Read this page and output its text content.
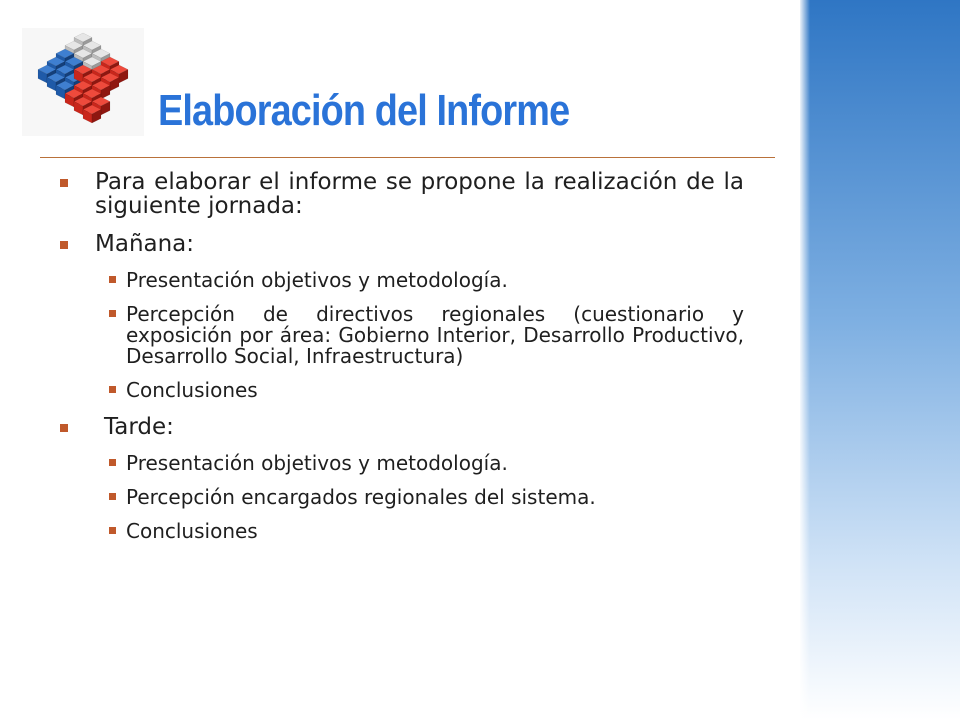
Elaboración del Informe
Para elaborar el informe se propone la realización de la siguiente jornada:
Mañana:
Presentación objetivos y metodología.
Percepción de directivos regionales (cuestionario y exposición por área: Gobierno Interior, Desarrollo Productivo, Desarrollo Social, Infraestructura)
Conclusiones
Tarde:
Presentación objetivos y metodología.
Percepción encargados regionales del sistema.
Conclusiones
